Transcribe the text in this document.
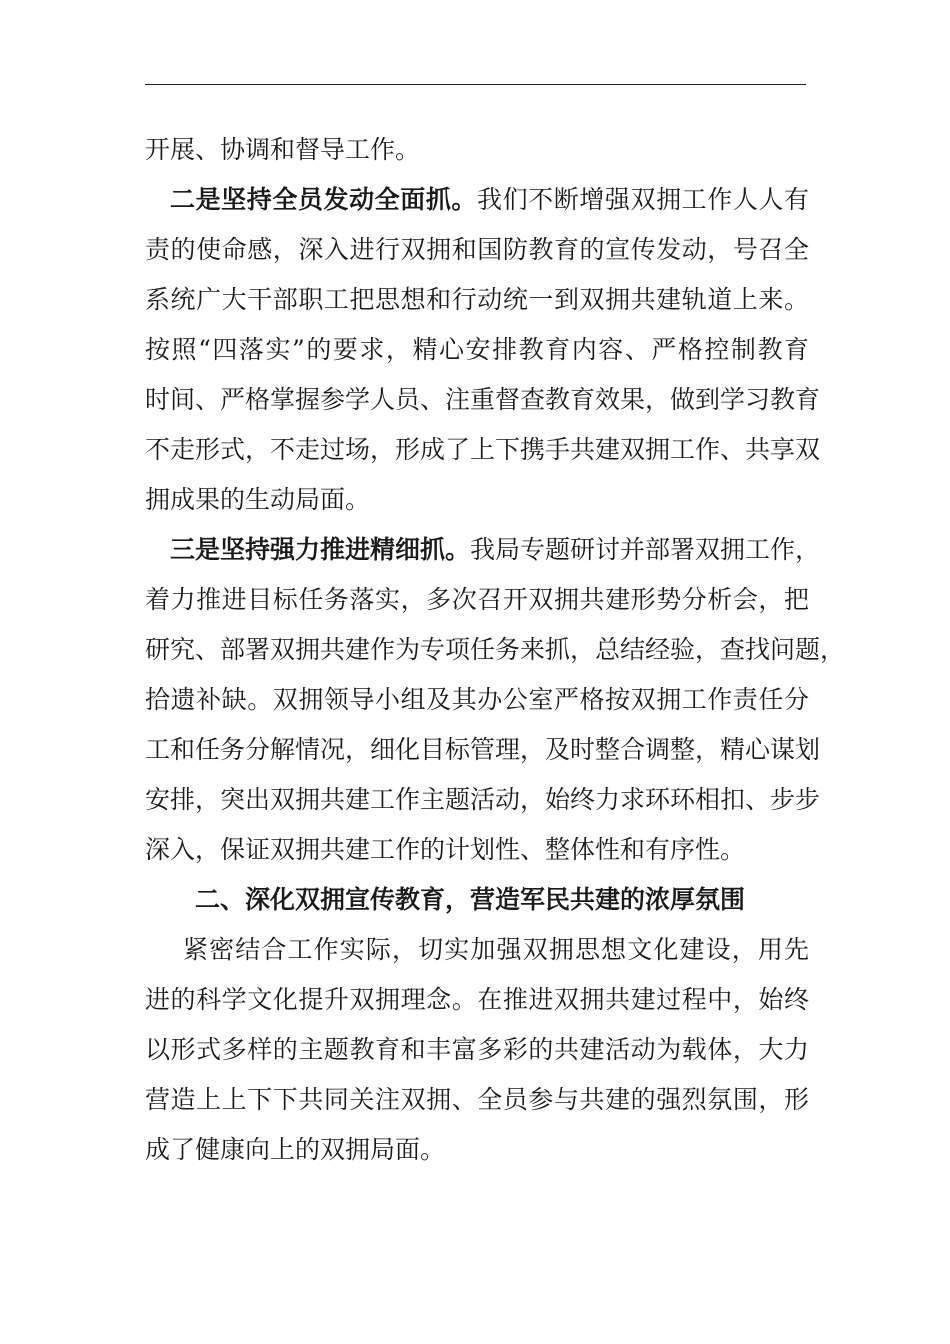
开展、协调和督导工作。
二是坚持全员发动全面抓。我们不断增强双拥工作人人有
责的使命感，深入进行双拥和国防教育的宣传发动，号召全
系统广大干部职工把思想和行动统一到双拥共建轨道上来。
按照“四落实”的要求，精心安排教育内容、严格控制教育
时间、严格掌握参学人员、注重督查教育效果，做到学习教育
不走形式，不走过场，形成了上下携手共建双拥工作、共享双
拥成果的生动局面。
三是坚持强力推进精细抓。我局专题研讨并部署双拥工作，
着力推进目标任务落实，多次召开双拥共建形势分析会，把
研究、部署双拥共建作为专项任务来抓，总结经验，查找问题，
拾遗补缺。双拥领导小组及其办公室严格按双拥工作责任分
工和任务分解情况，细化目标管理，及时整合调整，精心谋划
安排，突出双拥共建工作主题活动，始终力求环环相扣、步步
深入，保证双拥共建工作的计划性、整体性和有序性。
二、深化双拥宣传教育，营造军民共建的浓厚氛围
紧密结合工作实际，切实加强双拥思想文化建设，用先
进的科学文化提升双拥理念。在推进双拥共建过程中，始终
以形式多样的主题教育和丰富多彩的共建活动为载体，大力
营造上上下下共同关注双拥、全员参与共建的强烈氛围，形
成了健康向上的双拥局面。
